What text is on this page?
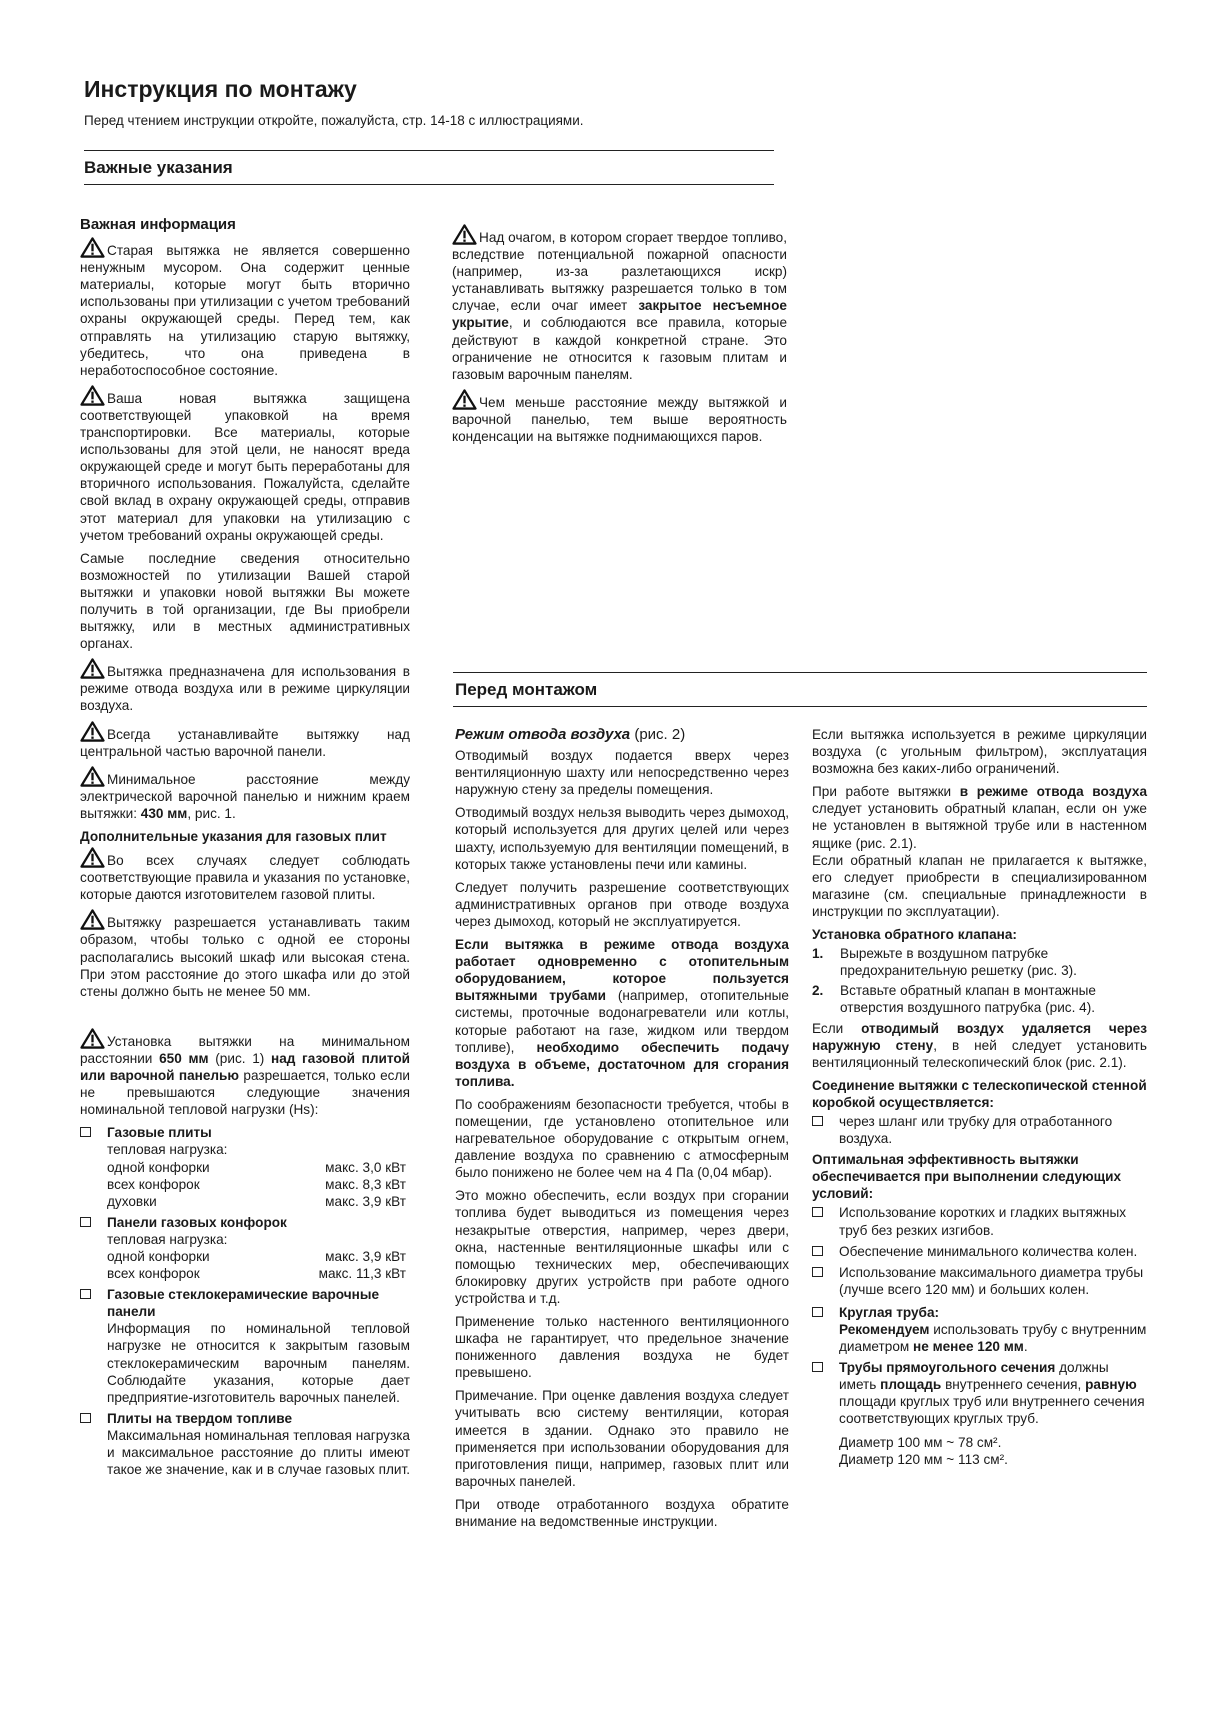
Инструкция по монтажу
Перед чтением инструкции откройте, пожалуйста, стр. 14-18 с иллюстрациями.
Важные указания
Важная информация

Старая вытяжка не является совершенно ненужным мусором. Она содержит ценные материалы, которые могут быть вторично использованы при утилизации с учетом требований охраны окружающей среды. Перед тем, как отправлять на утилизацию старую вытяжку, убедитесь, что она приведена в неработоспособное состояние.

Ваша новая вытяжка защищена соответствующей упаковкой на время транспортировки. Все материалы, которые использованы для этой цели, не наносят вреда окружающей среде и могут быть переработаны для вторичного использования. Пожалуйста, сделайте свой вклад в охрану окружающей среды, отправив этот материал для упаковки на утилизацию с учетом требований охраны окружающей среды.

Самые последние сведения относительно возможностей по утилизации Вашей старой вытяжки и упаковки новой вытяжки Вы можете получить в той организации, где Вы приобрели вытяжку, или в местных административных органах.

Вытяжка предназначена для использования в режиме отвода воздуха или в режиме циркуляции воздуха.

Всегда устанавливайте вытяжку над центральной частью варочной панели.

Минимальное расстояние между электрической варочной панелью и нижним краем вытяжки: 430 мм, рис. 1.

Дополнительные указания для газовых плит

Во всех случаях следует соблюдать соответствующие правила и указания по установке, которые даются изготовителем газовой плиты.

Вытяжку разрешается устанавливать таким образом, чтобы только с одной ее стороны располагались высокий шкаф или высокая стена. При этом расстояние до этого шкафа или до этой стены должно быть не менее 50 мм.

Установка вытяжки на минимальном расстоянии 650 мм (рис. 1) над газовой плитой или варочной панелью разрешается, только если не превышаются следующие значения номинальной тепловой нагрузки (Hs):

Газовые плиты
тепловая нагрузка:
одной конфорки	макс. 3,0 кВт
всех конфорок	макс. 8,3 кВт
духовки	макс. 3,9 кВт
Панели газовых конфорок
тепловая нагрузка:
одной конфорки	макс. 3,9 кВт
всех конфорок	макс. 11,3 кВт
Газовые стеклокерамические варочные панели
Информация по номинальной тепловой нагрузке не относится к закрытым газовым стеклокерамическим варочным панелям. Соблюдайте указания, которые дает предприятие-изготовитель варочных панелей.
Плиты на твердом топливе
Максимальная номинальная тепловая нагрузка и максимальное расстояние до плиты имеют такое же значение, как и в случае газовых плит.

Над очагом, в котором сгорает твердое топливо, вследствие потенциальной пожарной опасности (например, из-за разлетающихся искр) устанавливать вытяжку разрешается только в том случае, если очаг имеет закрытое несъемное укрытие, и соблюдаются все правила, которые действуют в каждой конкретной стране. Это ограничение не относится к газовым плитам и газовым варочным панелям.

Чем меньше расстояние между вытяжкой и варочной панелью, тем выше вероятность конденсации на вытяжке поднимающихся паров.

Перед монтажом
Режим отвода воздуха (рис. 2)

Отводимый воздух подается вверх через вентиляционную шахту или непосредственно через наружную стену за пределы помещения.

Отводимый воздух нельзя выводить через дымоход, который используется для других целей или через шахту, используемую для вентиляции помещений, в которых также установлены печи или камины.

Следует получить разрешение соответствующих административных органов при отводе воздуха через дымоход, который не эксплуатируется.

Если вытяжка в режиме отвода воздуха работает одновременно с отопительным оборудованием, которое пользуется вытяжными трубами (например, отопительные системы, проточные водонагреватели или котлы, которые работают на газе, жидком или твердом топливе), необходимо обеспечить подачу воздуха в объеме, достаточном для сгорания топлива.

По соображениям безопасности требуется, чтобы в помещении, где установлено отопительное или нагревательное оборудование с открытым огнем, давление воздуха по сравнению с атмосферным было понижено не более чем на 4 Па (0,04 мбар).

Это можно обеспечить, если воздух при сгорании топлива будет выводиться из помещения через незакрытые отверстия, например, через двери, окна, настенные вентиляционные шкафы или с помощью технических мер, обеспечивающих блокировку других устройств при работе одного устройства и т.д.

Применение только настенного вентиляционного шкафа не гарантирует, что предельное значение пониженного давления воздуха не будет превышено.

Примечание. При оценке давления воздуха следует учитывать всю систему вентиляции, которая имеется в здании. Однако это правило не применяется при использовании оборудования для приготовления пищи, например, газовых плит или варочных панелей.

При отводе отработанного воздуха обратите внимание на ведомственные инструкции.

Если вытяжка используется в режиме циркуляции воздуха (с угольным фильтром), эксплуатация возможна без каких-либо ограничений.

При работе вытяжки в режиме отвода воздуха следует установить обратный клапан, если он уже не установлен в вытяжной трубе или в настенном ящике (рис. 2.1).

Если обратный клапан не прилагается к вытяжке, его следует приобрести в специализированном магазине (см. специальные принадлежности в инструкции по эксплуатации).

Установка обратного клапана:
1.	Вырежьте в воздушном патрубке предохранительную решетку (рис. 3).
2.	Вставьте обратный клапан в монтажные отверстия воздушного патрубка (рис. 4).

Если отводимый воздух удаляется через наружную стену, в ней следует установить вентиляционный телескопический блок (рис. 2.1).

Соединение вытяжки с телескопической стенной коробкой осуществляется:
через шланг или трубку для отработанного воздуха.
Оптимальная эффективность вытяжки обеспечивается при выполнении следующих условий:
Использование коротких и гладких вытяжных труб без резких изгибов.
Обеспечение минимального количества колен.
Использование максимального диаметра трубы (лучше всего 120 мм) и больших колен.
Круглая труба:
Рекомендуем использовать трубу с внутренним диаметром не менее 120 мм.
Трубы прямоугольного сечения должны иметь площадь внутреннего сечения, равную площади круглых труб или внутреннего сечения соответствующих круглых труб.
Диаметр 100 мм ~ 78 см².
Диаметр 120 мм ~ 113 см².
